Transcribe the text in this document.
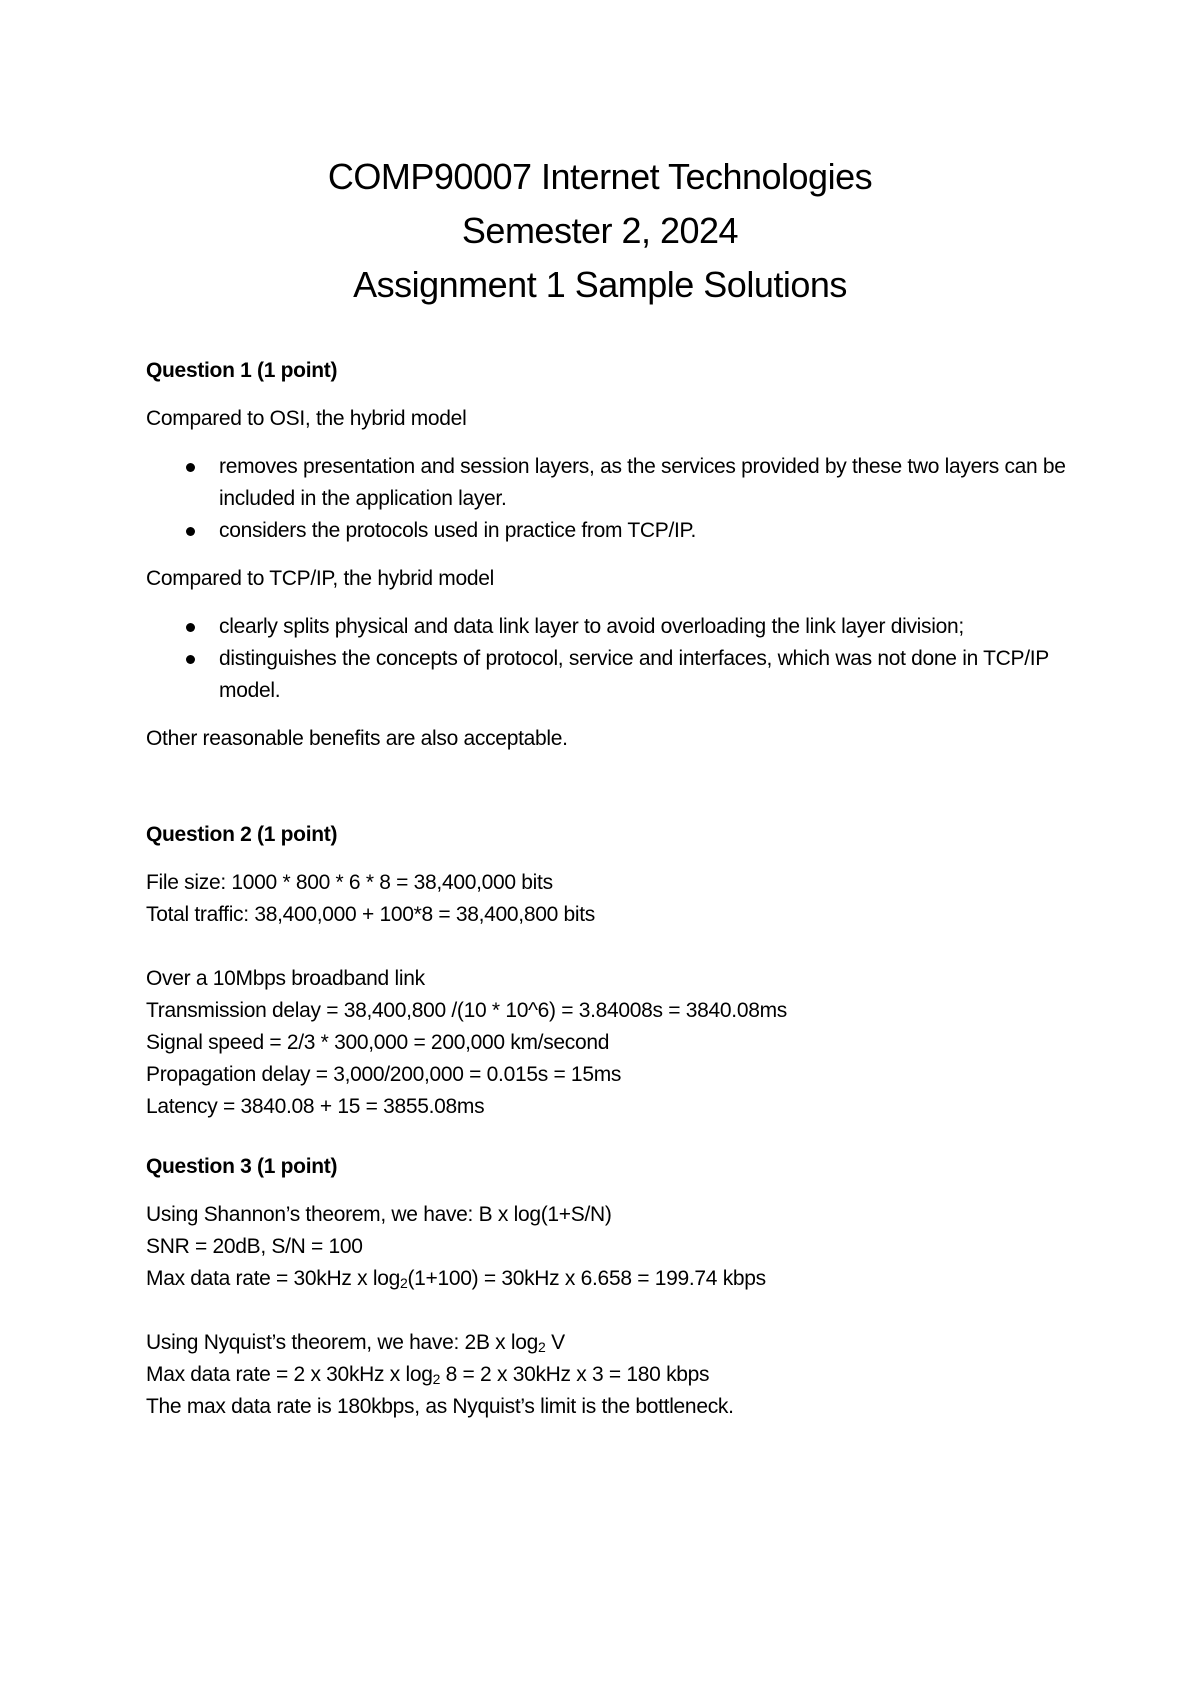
COMP90007 Internet Technologies
Semester 2, 2024
Assignment 1 Sample Solutions
Question 1 (1 point)
Compared to OSI, the hybrid model
removes presentation and session layers, as the services provided by these two layers can be included in the application layer.
considers the protocols used in practice from TCP/IP.
Compared to TCP/IP, the hybrid model
clearly splits physical and data link layer to avoid overloading the link layer division;
distinguishes the concepts of protocol, service and interfaces, which was not done in TCP/IP model.
Other reasonable benefits are also acceptable.
Question 2 (1 point)
File size: 1000 * 800 * 6 * 8 = 38,400,000 bits
Total traffic: 38,400,000 + 100*8 = 38,400,800 bits
Over a 10Mbps broadband link
Transmission delay = 38,400,800 /(10 * 10^6) = 3.84008s = 3840.08ms
Signal speed = 2/3 * 300,000 = 200,000 km/second
Propagation delay = 3,000/200,000 = 0.015s = 15ms
Latency = 3840.08 + 15 = 3855.08ms
Question 3 (1 point)
Using Shannon’s theorem, we have: B x log(1+S/N)
SNR = 20dB, S/N = 100
Max data rate = 30kHz x $\log_2(1+100) = 30kHz$ x 6.658 = 199.74 kbps
Using Nyquist’s theorem, we have: 2B x $\log_2 V$
Max data rate = 2 x 30kHz x $\log_2 8 = 2$ x 30kHz x 3 = 180 kbps
The max data rate is 180kbps, as Nyquist’s limit is the bottleneck.
